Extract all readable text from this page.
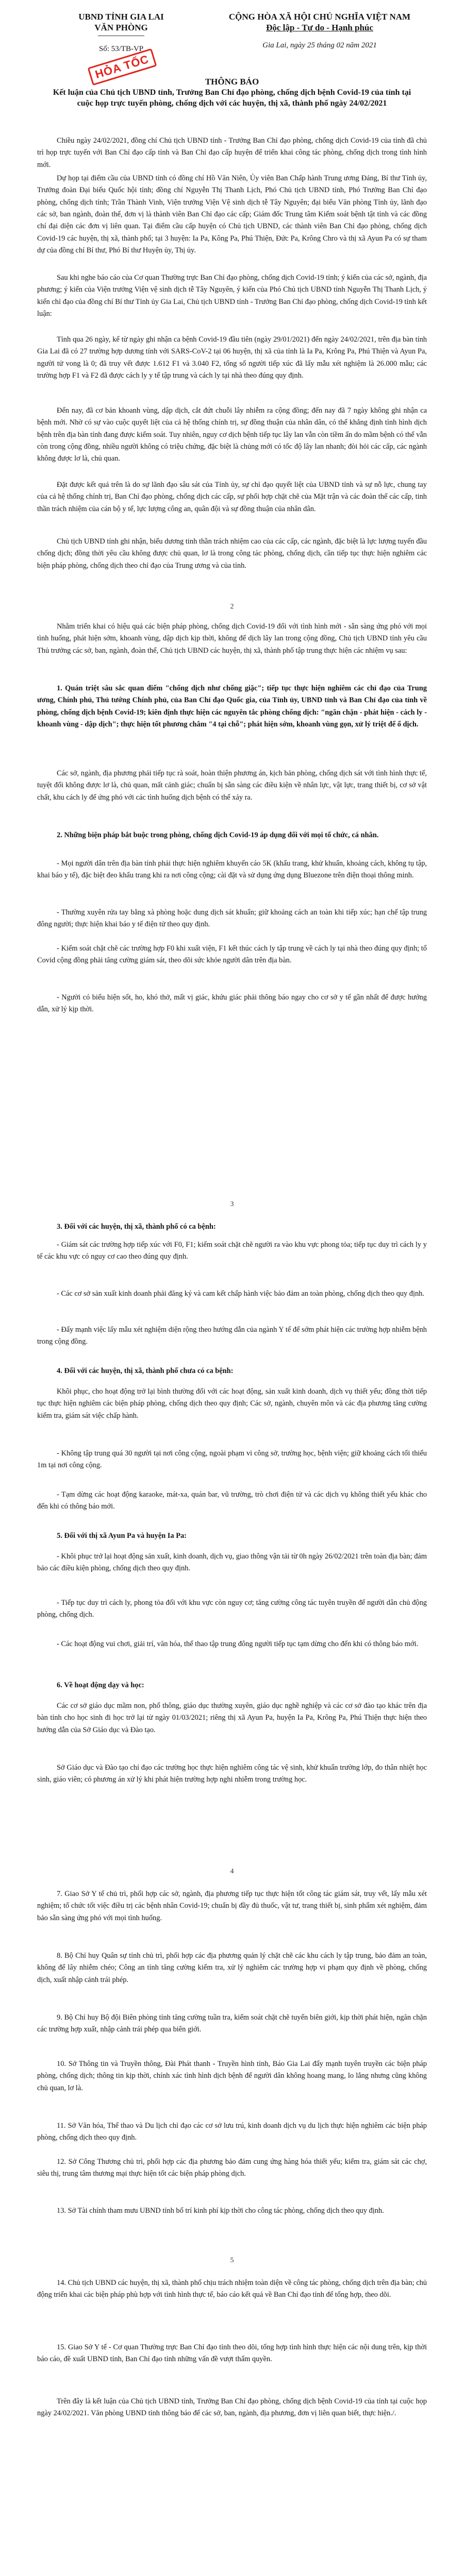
UBND TỈNH GIA LAI
VĂN PHÒNG
Số: 53/TB-VP
CỘNG HÒA XÃ HỘI CHỦ NGHĨA VIỆT NAM
Độc lập - Tự do - Hạnh phúc
Gia Lai, ngày 25 tháng 02 năm 2021
HỎA TỐC
THÔNG BÁO
Kết luận của Chủ tịch UBND tỉnh, Trưởng Ban Chỉ đạo phòng, chống dịch bệnh Covid-19 của tỉnh tại cuộc họp trực tuyến phòng, chống dịch với các huyện, thị xã, thành phố ngày 24/02/2021
Chiều ngày 24/02/2021, đồng chí Chủ tịch UBND tỉnh - Trưởng Ban Chỉ đạo phòng, chống dịch Covid-19 của tỉnh đã chủ trì họp trực tuyến với Ban Chỉ đạo cấp tỉnh và Ban Chỉ đạo cấp huyện để triển khai công tác phòng, chống dịch trong tình hình mới.
Dự họp tại điểm cầu của UBND tỉnh có đồng chí Hồ Văn Niên, Ủy viên Ban Chấp hành Trung ương Đảng, Bí thư Tỉnh ủy, Trưởng đoàn Đại biểu Quốc hội tỉnh; đồng chí Nguyễn Thị Thanh Lịch, Phó Chủ tịch UBND tỉnh, Phó Trưởng Ban Chỉ đạo phòng, chống dịch tỉnh; Trần Thành Vinh, Viện trưởng Viện Vệ sinh dịch tễ Tây Nguyên; đại biểu Văn phòng Tỉnh ủy, lãnh đạo các sở, ban ngành, đoàn thể, đơn vị là thành viên Ban Chỉ đạo các cấp; Giám đốc Trung tâm Kiểm soát bệnh tật tỉnh và các đồng chí đại diện các đơn vị liên quan. Tại điểm cầu cấp huyện có Chủ tịch UBND, các thành viên Ban Chỉ đạo phòng, chống dịch Covid-19 các huyện, thị xã, thành phố; tại 3 huyện: Ia Pa, Kông Pa, Phú Thiện, Đức Pa, Krông Chro và thị xã Ayun Pa có sự tham dự của đồng chí Bí thư, Phó Bí thư Huyện ủy, Thị ủy.
Sau khi nghe báo cáo của Cơ quan Thường trực Ban Chỉ đạo phòng, chống dịch Covid-19 tỉnh; ý kiến của các sở, ngành, địa phương; ý kiến của Viện trưởng Viện vệ sinh dịch tễ Tây Nguyên, ý kiến của Phó Chủ tịch UBND tỉnh Nguyễn Thị Thanh Lịch, ý kiến chỉ đạo của đồng chí Bí thư Tỉnh ủy Gia Lai, Chủ tịch UBND tỉnh - Trưởng Ban Chỉ đạo phòng, chống dịch Covid-19 tỉnh kết luận:
Tỉnh qua 26 ngày, kể từ ngày ghi nhận ca bệnh Covid-19 đầu tiên (ngày 29/01/2021) đến ngày 24/02/2021, trên địa bàn tỉnh Gia Lai đã có 27 trường hợp dương tính với SARS-CoV-2 tại 06 huyện, thị xã của tỉnh là Ia Pa, Krông Pa, Phú Thiện và Ayun Pa, người tử vong là 0; đã truy vết được 1.612 F1 và 3.040 F2, tổng số người tiếp xúc đã lấy mẫu xét nghiệm là 26.000 mẫu; các trường hợp F1 và F2 đã được cách ly y tế tập trung và cách ly tại nhà theo đúng quy định.
Đến nay, đã cơ bản khoanh vùng, dập dịch, cắt đứt chuỗi lây nhiễm ra cộng đồng; đến nay đã 7 ngày không ghi nhận ca bệnh mới. Nhờ có sự vào cuộc quyết liệt của cả hệ thống chính trị, sự đồng thuận của nhân dân, có thể khẳng định tình hình dịch bệnh trên địa bàn tỉnh đang được kiểm soát. Tuy nhiên, nguy cơ dịch bệnh tiếp tục lây lan vẫn còn tiềm ẩn do mầm bệnh có thể vẫn còn trong cộng đồng, nhiều người không có triệu chứng, đặc biệt là chủng mới có tốc độ lây lan nhanh; đòi hỏi các cấp, các ngành không được lơ là, chủ quan.
Đặt được kết quả trên là do sự lãnh đạo sâu sát của Tỉnh ủy, sự chỉ đạo quyết liệt của UBND tỉnh và sự nỗ lực, chung tay của cả hệ thống chính trị, Ban Chỉ đạo phòng, chống dịch các cấp, sự phối hợp chặt chẽ của Mặt trận và các đoàn thể các cấp, tinh thần trách nhiệm của cán bộ y tế, lực lượng công an, quân đội và sự đồng thuận của nhân dân.
Chủ tịch UBND tỉnh ghi nhận, biểu dương tinh thần trách nhiệm cao của các cấp, các ngành, đặc biệt là lực lượng tuyến đầu chống dịch; đồng thời yêu cầu không được chủ quan, lơ là trong công tác phòng, chống dịch, cần tiếp tục thực hiện nghiêm các biện pháp phòng, chống dịch theo chỉ đạo của Trung ương và của tỉnh.
2
Nhằm triển khai có hiệu quả các biện pháp phòng, chống dịch Covid-19 đối với tình hình mới - sẵn sàng ứng phó với mọi tình huống, phát hiện sớm, khoanh vùng, dập dịch kịp thời, không để dịch lây lan trong cộng đồng, Chủ tịch UBND tỉnh yêu cầu Thủ trưởng các sở, ban, ngành, đoàn thể, Chủ tịch UBND các huyện, thị xã, thành phố tập trung thực hiện các nhiệm vụ sau:
1. Quán triệt sâu sắc quan điểm "chống dịch như chống giặc"; tiếp tục thực hiện nghiêm các chỉ đạo của Trung ương, Chính phủ, Thủ tướng Chính phủ, của Ban Chỉ đạo Quốc gia, của Tỉnh ủy, UBND tỉnh và Ban Chỉ đạo của tỉnh về phòng, chống dịch bệnh Covid-19; kiên định thực hiện các nguyên tắc phòng chống dịch: "ngăn chặn - phát hiện - cách ly - khoanh vùng - dập dịch"; thực hiện tốt phương châm "4 tại chỗ"; phát hiện sớm, khoanh vùng gọn, xử lý triệt để ổ dịch.
Các sở, ngành, địa phương phải tiếp tục rà soát, hoàn thiện phương án, kịch bản phòng, chống dịch sát với tình hình thực tế, tuyệt đối không được lơ là, chủ quan, mất cảnh giác; chuẩn bị sẵn sàng các điều kiện về nhân lực, vật lực, trang thiết bị, cơ sở vật chất, khu cách ly để ứng phó với các tình huống dịch bệnh có thể xảy ra.
2. Những biện pháp bắt buộc trong phòng, chống dịch Covid-19 áp dụng đối với mọi tổ chức, cá nhân.
- Mọi người dân trên địa bàn tỉnh phải thực hiện nghiêm khuyến cáo 5K (khẩu trang, khử khuẩn, khoảng cách, không tụ tập, khai báo y tế), đặc biệt đeo khẩu trang khi ra nơi công cộng; cài đặt và sử dụng ứng dụng Bluezone trên điện thoại thông minh.
- Thường xuyên rửa tay bằng xà phòng hoặc dung dịch sát khuẩn; giữ khoảng cách an toàn khi tiếp xúc; hạn chế tập trung đông người; thực hiện khai báo y tế điện tử theo quy định.
- Kiểm soát chặt chẽ các trường hợp F0 khi xuất viện, F1 kết thúc cách ly tập trung về cách ly tại nhà theo đúng quy định; tổ Covid cộng đồng phải tăng cường giám sát, theo dõi sức khỏe người dân trên địa bàn.
- Người có biểu hiện sốt, ho, khó thở, mất vị giác, khứu giác phải thông báo ngay cho cơ sở y tế gần nhất để được hướng dẫn, xử lý kịp thời.
3
3. Đối với các huyện, thị xã, thành phố có ca bệnh:
- Giám sát các trường hợp tiếp xúc với F0, F1; kiểm soát chặt chẽ người ra vào khu vực phong tỏa; tiếp tục duy trì cách ly y tế các khu vực có nguy cơ cao theo đúng quy định.
- Các cơ sở sản xuất kinh doanh phải đăng ký và cam kết chấp hành việc bảo đảm an toàn phòng, chống dịch theo quy định.
- Đẩy mạnh việc lấy mẫu xét nghiệm diện rộng theo hướng dẫn của ngành Y tế để sớm phát hiện các trường hợp nhiễm bệnh trong cộng đồng.
4. Đối với các huyện, thị xã, thành phố chưa có ca bệnh:
Khôi phục, cho hoạt động trở lại bình thường đối với các hoạt động, sản xuất kinh doanh, dịch vụ thiết yếu; đồng thời tiếp tục thực hiện nghiêm các biện pháp phòng, chống dịch theo quy định; Các sở, ngành, chuyên môn và các địa phương tăng cường kiểm tra, giám sát việc chấp hành.
- Không tập trung quá 30 người tại nơi công cộng, ngoài phạm vi công sở, trường học, bệnh viện; giữ khoảng cách tối thiểu 1m tại nơi công cộng.
- Tạm dừng các hoạt động karaoke, mát-xa, quán bar, vũ trường, trò chơi điện tử và các dịch vụ không thiết yếu khác cho đến khi có thông báo mới.
5. Đối với thị xã Ayun Pa và huyện Ia Pa:
- Khôi phục trở lại hoạt động sản xuất, kinh doanh, dịch vụ, giao thông vận tải từ 0h ngày 26/02/2021 trên toàn địa bàn; đảm bảo các điều kiện phòng, chống dịch theo quy định.
- Tiếp tục duy trì cách ly, phong tỏa đối với khu vực còn nguy cơ; tăng cường công tác tuyên truyền để người dân chủ động phòng, chống dịch.
- Các hoạt động vui chơi, giải trí, văn hóa, thể thao tập trung đông người tiếp tục tạm dừng cho đến khi có thông báo mới.
6. Về hoạt động dạy và học:
Các cơ sở giáo dục mầm non, phổ thông, giáo dục thường xuyên, giáo dục nghề nghiệp và các cơ sở đào tạo khác trên địa bàn tỉnh cho học sinh đi học trở lại từ ngày 01/03/2021; riêng thị xã Ayun Pa, huyện Ia Pa, Krông Pa, Phú Thiện thực hiện theo hướng dẫn của Sở Giáo dục và Đào tạo.
Sở Giáo dục và Đào tạo chỉ đạo các trường học thực hiện nghiêm công tác vệ sinh, khử khuẩn trường lớp, đo thân nhiệt học sinh, giáo viên; có phương án xử lý khi phát hiện trường hợp nghi nhiễm trong trường học.
4
7. Giao Sở Y tế chủ trì, phối hợp các sở, ngành, địa phương tiếp tục thực hiện tốt công tác giám sát, truy vết, lấy mẫu xét nghiệm; tổ chức tốt việc điều trị các bệnh nhân Covid-19; chuẩn bị đầy đủ thuốc, vật tư, trang thiết bị, sinh phẩm xét nghiệm, đảm bảo sẵn sàng ứng phó với mọi tình huống.
8. Bộ Chỉ huy Quân sự tỉnh chủ trì, phối hợp các địa phương quản lý chặt chẽ các khu cách ly tập trung, bảo đảm an toàn, không để lây nhiễm chéo; Công an tỉnh tăng cường kiểm tra, xử lý nghiêm các trường hợp vi phạm quy định về phòng, chống dịch, xuất nhập cảnh trái phép.
9. Bộ Chỉ huy Bộ đội Biên phòng tỉnh tăng cường tuần tra, kiểm soát chặt chẽ tuyến biên giới, kịp thời phát hiện, ngăn chặn các trường hợp xuất, nhập cảnh trái phép qua biên giới.
10. Sở Thông tin và Truyền thông, Đài Phát thanh - Truyền hình tỉnh, Báo Gia Lai đẩy mạnh tuyên truyền các biện pháp phòng, chống dịch; thông tin kịp thời, chính xác tình hình dịch bệnh để người dân không hoang mang, lo lắng nhưng cũng không chủ quan, lơ là.
11. Sở Văn hóa, Thể thao và Du lịch chỉ đạo các cơ sở lưu trú, kinh doanh dịch vụ du lịch thực hiện nghiêm các biện pháp phòng, chống dịch theo quy định.
12. Sở Công Thương chủ trì, phối hợp các địa phương bảo đảm cung ứng hàng hóa thiết yếu; kiểm tra, giám sát các chợ, siêu thị, trung tâm thương mại thực hiện tốt các biện pháp phòng dịch.
13. Sở Tài chính tham mưu UBND tỉnh bố trí kinh phí kịp thời cho công tác phòng, chống dịch theo quy định.
5
14. Chủ tịch UBND các huyện, thị xã, thành phố chịu trách nhiệm toàn diện về công tác phòng, chống dịch trên địa bàn; chủ động triển khai các biện pháp phù hợp với tình hình thực tế, báo cáo kết quả về Ban Chỉ đạo tỉnh để tổng hợp, theo dõi.
15. Giao Sở Y tế - Cơ quan Thường trực Ban Chỉ đạo tỉnh theo dõi, tổng hợp tình hình thực hiện các nội dung trên, kịp thời báo cáo, đề xuất UBND tỉnh, Ban Chỉ đạo tỉnh những vấn đề vượt thẩm quyền.
Trên đây là kết luận của Chủ tịch UBND tỉnh, Trưởng Ban Chỉ đạo phòng, chống dịch bệnh Covid-19 của tỉnh tại cuộc họp ngày 24/02/2021. Văn phòng UBND tỉnh thông báo để các sở, ban, ngành, địa phương, đơn vị liên quan biết, thực hiện./.
